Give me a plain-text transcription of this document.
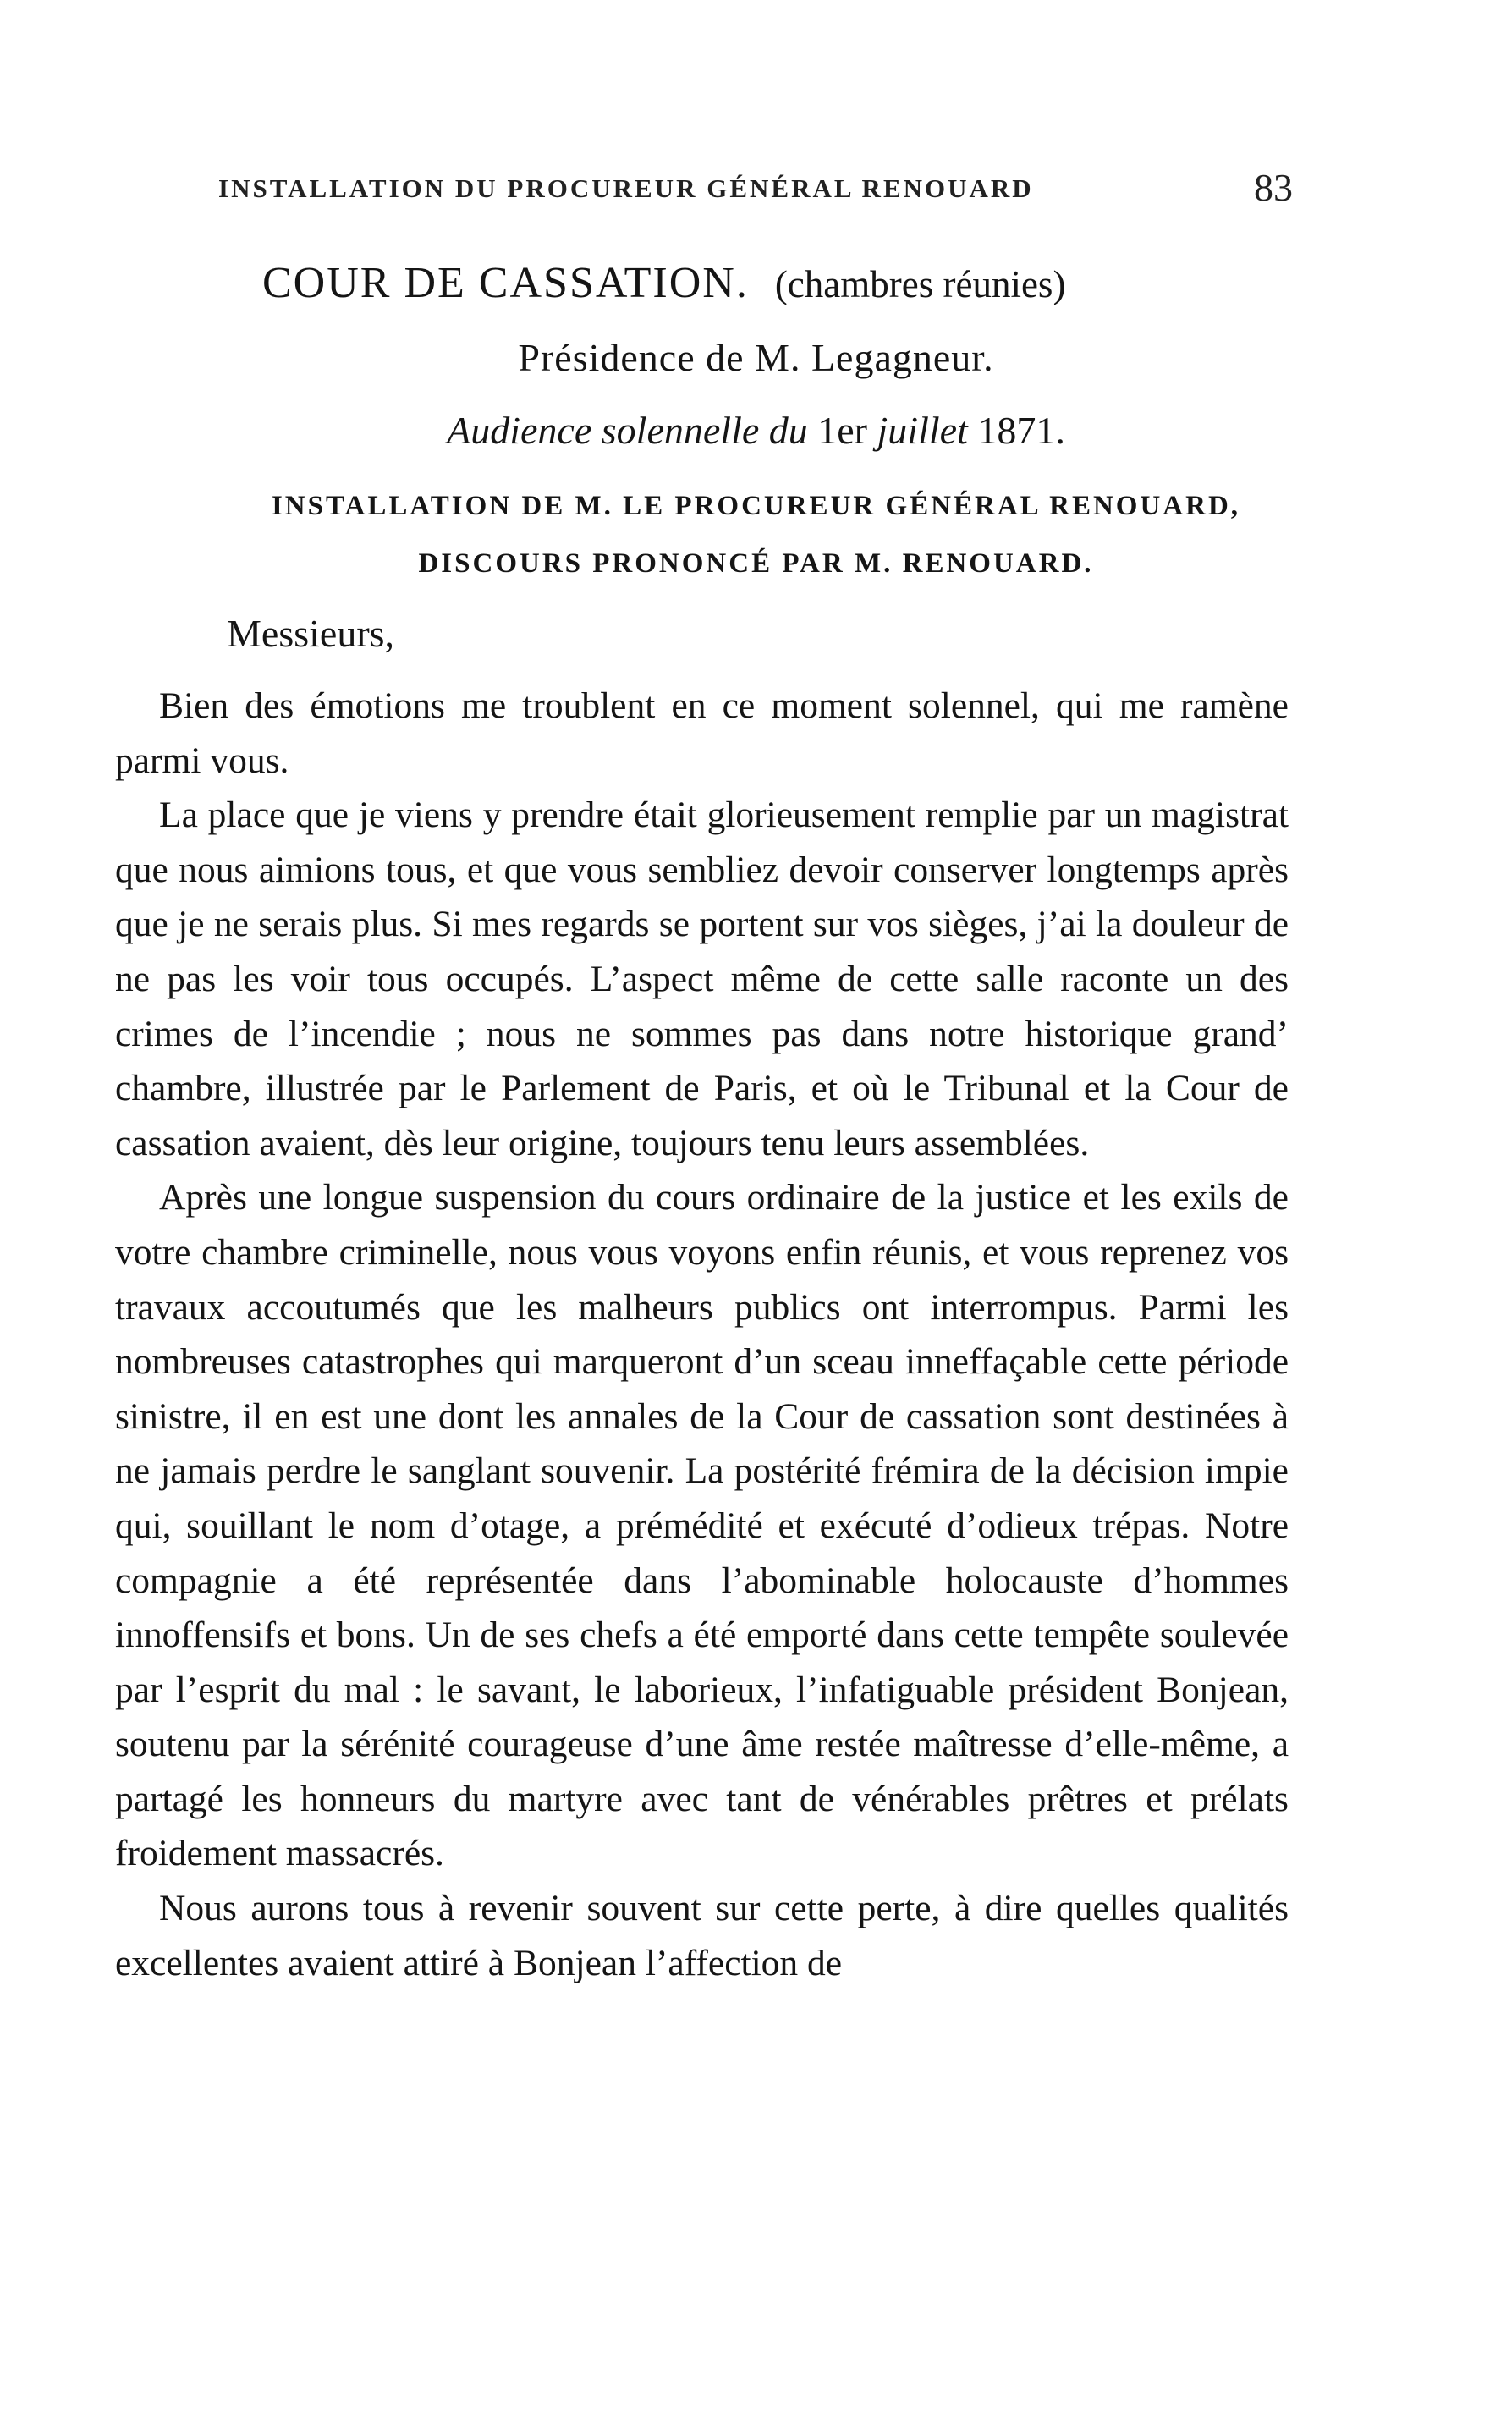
INSTALLATION DU PROCUREUR GÉNÉRAL RENOUARD	83
COUR DE CASSATION. (chambres réunies)
Présidence de M. Legagneur.
Audience solennelle du 1er juillet 1871.
INSTALLATION DE M. LE PROCUREUR GÉNÉRAL RENOUARD,
DISCOURS PRONONCÉ PAR M. RENOUARD.
Messieurs,

Bien des émotions me troublent en ce moment solennel, qui me ramène parmi vous.

La place que je viens y prendre était glorieusement remplie par un magistrat que nous aimions tous, et que vous sembliez devoir conserver longtemps après que je ne serais plus. Si mes regards se portent sur vos sièges, j’ai la douleur de ne pas les voir tous occupés. L’aspect même de cette salle raconte un des crimes de l’incendie ; nous ne sommes pas dans notre historique grand’ chambre, illustrée par le Parlement de Paris, et où le Tribunal et la Cour de cassation avaient, dès leur origine, toujours tenu leurs assemblées.

Après une longue suspension du cours ordinaire de la justice et les exils de votre chambre criminelle, nous vous voyons enfin réunis, et vous reprenez vos travaux accoutumés que les malheurs publics ont interrompus. Parmi les nombreuses catastrophes qui marqueront d’un sceau inneffaçable cette période sinistre, il en est une dont les annales de la Cour de cassation sont destinées à ne jamais perdre le sanglant souvenir. La postérité frémira de la décision impie qui, souillant le nom d’otage, a prémédité et exécuté d’odieux trépas. Notre compagnie a été représentée dans l’abominable holocauste d’hommes innoffensifs et bons. Un de ses chefs a été emporté dans cette tempête soulevée par l’esprit du mal : le savant, le laborieux, l’infatiguable président Bonjean, soutenu par la sérénité courageuse d’une âme restée maîtresse d’elle-même, a partagé les honneurs du martyre avec tant de vénérables prêtres et prélats froidement massacrés.

Nous aurons tous à revenir souvent sur cette perte, à dire quelles qualités excellentes avaient attiré à Bonjean l’affection de
